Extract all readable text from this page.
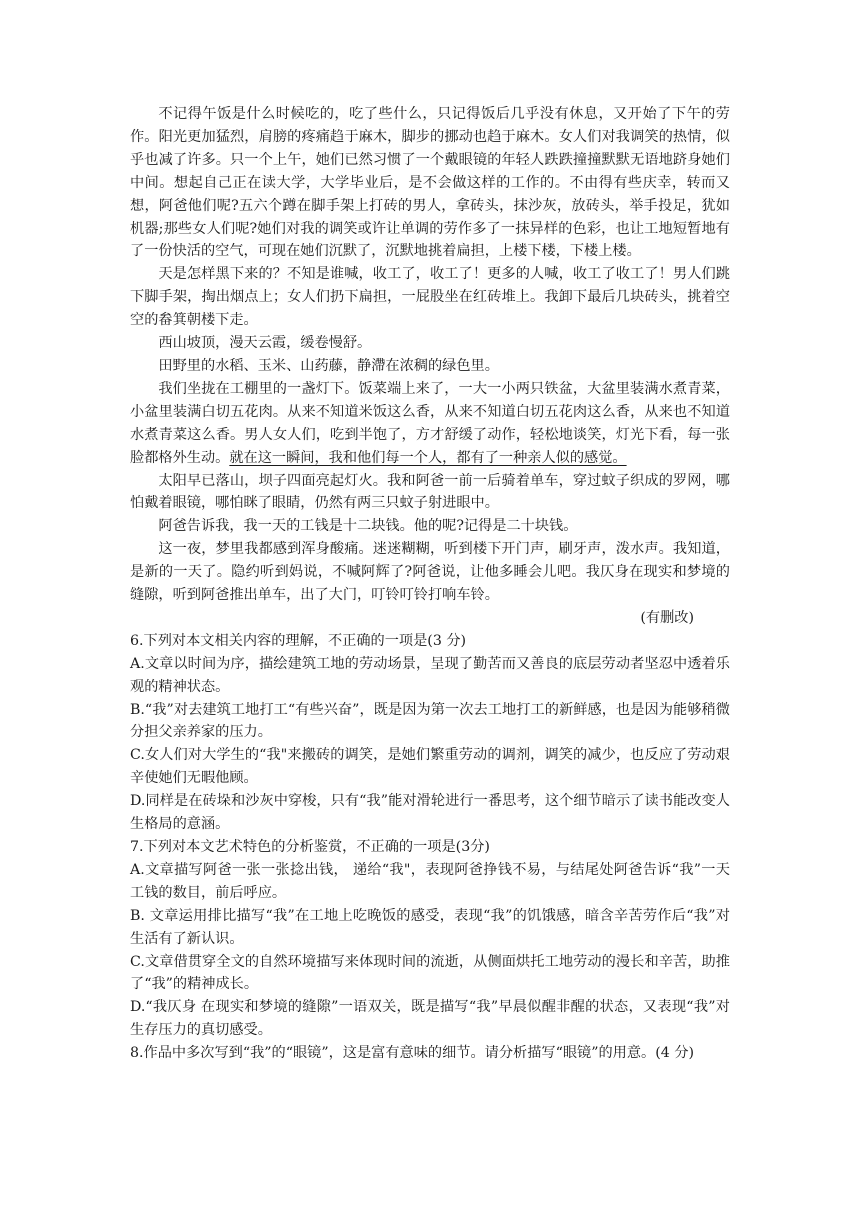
不记得午饭是什么时候吃的，吃了些什么，只记得饭后几乎没有休息，又开始了下午的劳作。阳光更加猛烈，肩膀的疼痛趋于麻木，脚步的挪动也趋于麻木。女人们对我调笑的热情，似乎也减了许多。只一个上午，她们已然习惯了一个戴眼镜的年轻人跌跌撞撞默默无语地跻身她们中间。想起自己正在读大学，大学毕业后，是不会做这样的工作的。不由得有些庆幸，转而又想，阿爸他们呢?五六个蹲在脚手架上打砖的男人，拿砖头，抹沙灰，放砖头，举手投足，犹如机器;那些女人们呢?她们对我的调笑或许让单调的劳作多了一抹异样的色彩，也让工地短暂地有了一份快活的空气，可现在她们沉默了，沉默地挑着扁担，上楼下楼，下楼上楼。

天是怎样黑下来的？不知是谁喊，收工了，收工了！更多的人喊，收工了收工了！男人们跳下脚手架，掏出烟点上；女人们扔下扁担，一屁股坐在红砖堆上。我卸下最后几块砖头，挑着空空的畚箕朝楼下走。

西山坡顶，漫天云霞，缓卷慢舒。

田野里的水稻、玉米、山药藤，静滯在浓稠的绿色里。

我们坐拢在工棚里的一盏灯下。饭菜端上来了，一大一小两只铁盆，大盆里装满水煮青菜，小盆里装满白切五花肉。从来不知道米饭这么香，从来不知道白切五花肉这么香，从来也不知道水煮青菜这么香。男人女人们，吃到半饱了，方才舒缓了动作，轻松地谈笑，灯光下看，每一张脸都格外生动。就在这一瞬间，我和他们每一个人，都有了一种亲人似的感觉。

太阳早已落山，坝子四面亮起灯火。我和阿爸一前一后骑着单车，穿过蚊子织成的罗网，哪怕戴着眼镜，哪怕眯了眼睛，仍然有两三只蚊子射进眼中。

阿爸告诉我，我一天的工钱是十二块钱。他的呢?记得是二十块钱。

这一夜，梦里我都感到浑身酸痛。迷迷糊糊，听到楼下开门声，刷牙声，泼水声。我知道，是新的一天了。隐约听到妈说，不喊阿辉了?阿爸说，让他多睡会儿吧。我仄身在现实和梦境的缝隙，听到阿爸推出单车，出了大门，叮铃叮铃打响车铃。

(有删改)

6.下列对本文相关内容的理解，不正确的一项是(3 分)

A.文章以时间为序，描绘建筑工地的劳动场景，呈现了勤苦而又善良的底层劳动者坚忍中透着乐观的精神状态。

B.“我”对去建筑工地打工“有些兴奋”，既是因为第一次去工地打工的新鲜感，也是因为能够稍微分担父亲养家的压力。

C.女人们对大学生的“我"来搬砖的调笑，是她们繁重劳动的调剂，调笑的减少，也反应了劳动艰辛使她们无暇他顾。

D.同样是在砖垛和沙灰中穿梭，只有“我”能对滑轮进行一番思考，这个细节暗示了读书能改变人生格局的意涵。

7.下列对本文艺术特色的分析鉴赏，不正确的一项是(3分)

A.文章描写阿爸一张一张捻出钱， 递给“我"，表现阿爸挣钱不易，与结尾处阿爸告诉“我”一天工钱的数目，前后呼应。

B. 文章运用排比描写“我”在工地上吃晚饭的感受，表现“我”的饥饿感，暗含辛苦劳作后“我”对生活有了新认识。

C.文章借贯穿全文的自然环境描写来体现时间的流逝，从侧面烘托工地劳动的漫长和辛苦，助推了“我”的精神成长。

D.“我仄身 在现实和梦境的缝隙”一语双关，既是描写“我”早晨似醒非醒的状态，又表现“我”对生存压力的真切感受。

8.作品中多次写到“我”的“眼镜”，这是富有意味的细节。请分析描写“眼镜”的用意。(4 分)
